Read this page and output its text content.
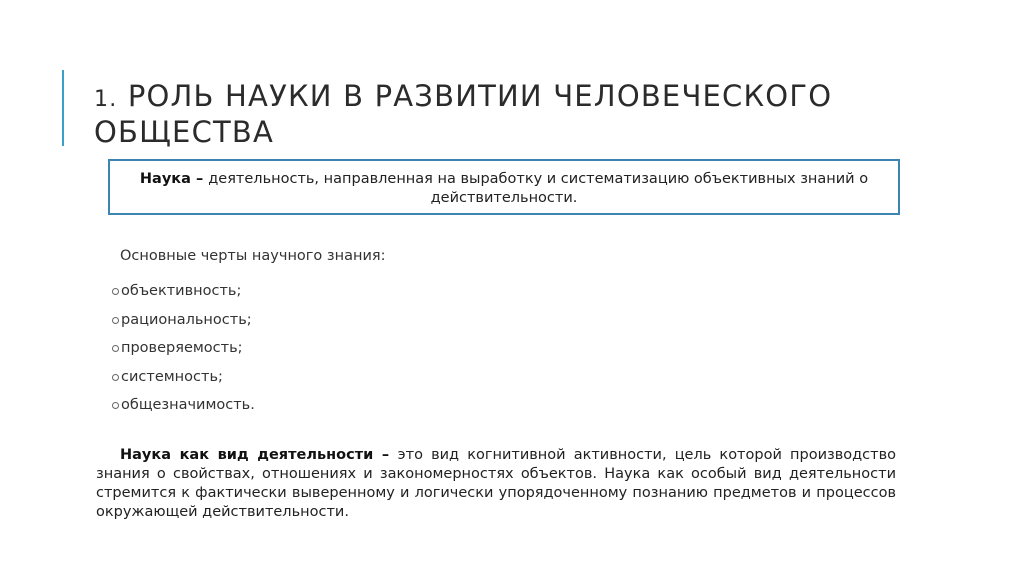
1. РОЛЬ НАУКИ В РАЗВИТИИ ЧЕЛОВЕЧЕСКОГО ОБЩЕСТВА
Наука – деятельность, направленная на выработку и систематизацию объективных знаний о действительности.
Основные черты научного знания:
объективность;
рациональность;
проверяемость;
системность;
общезначимость.
Наука как вид деятельности – это вид когнитивной активности, цель которой производство знания о свойствах, отношениях и закономерностях объектов. Наука как особый вид деятельности стремится к фактически выверенному и логически упорядоченному познанию предметов и процессов окружающей действительности.
